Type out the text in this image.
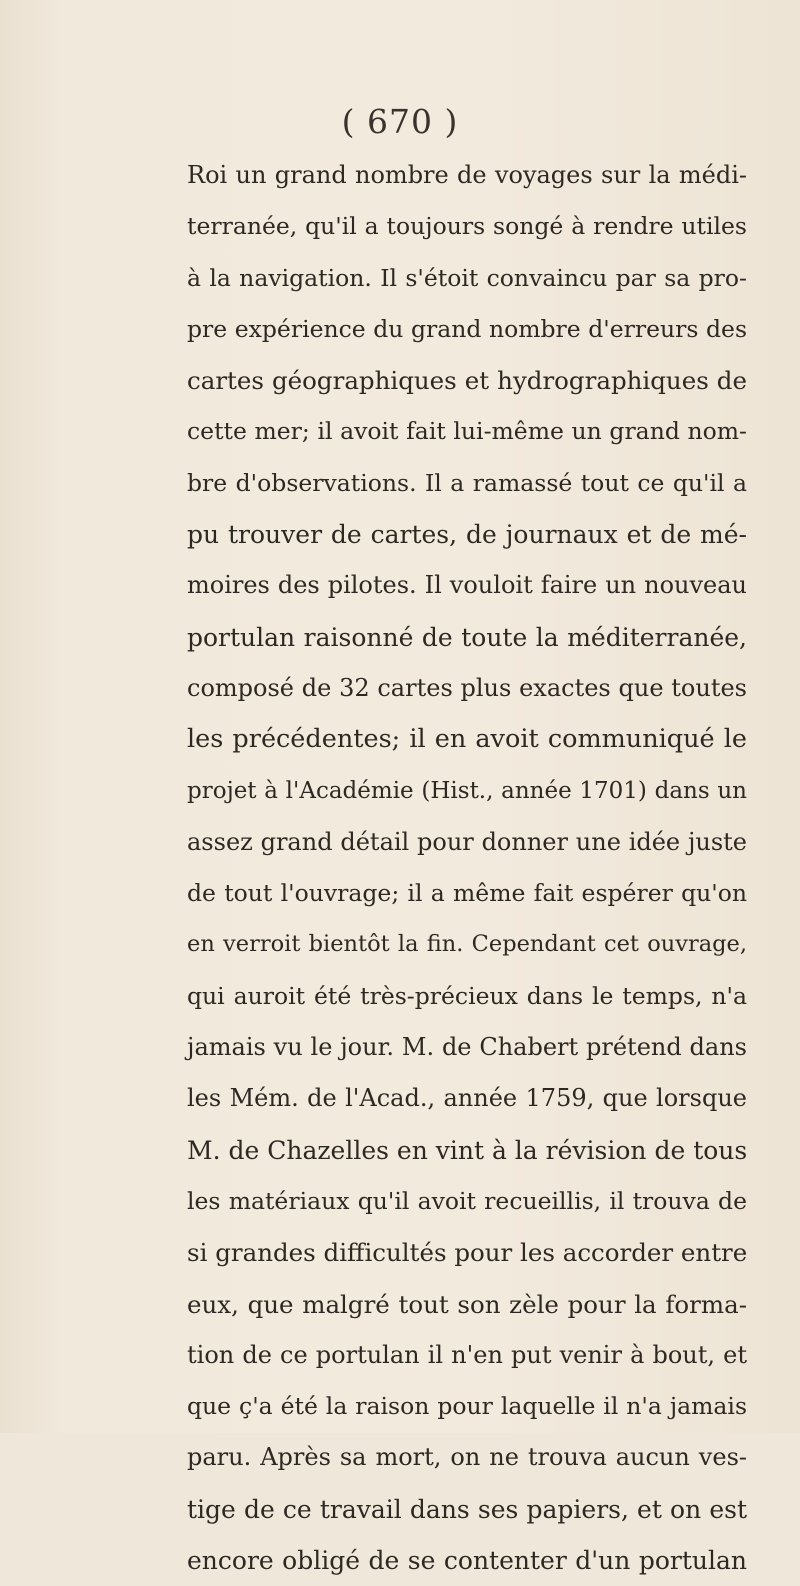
( 670 )
Roi un grand nombre de voyages sur la médi-
terranée, qu'il a toujours songé à rendre utiles
à la navigation. Il s'étoit convaincu par sa pro-
pre expérience du grand nombre d'erreurs des
cartes géographiques et hydrographiques de
cette mer; il avoit fait lui-même un grand nom-
bre d'observations. Il a ramassé tout ce qu'il a
pu trouver de cartes, de journaux et de mé-
moires des pilotes. Il vouloit faire un nouveau
portulan raisonné de toute la méditerranée,
composé de 32 cartes plus exactes que toutes
les précédentes; il en avoit communiqué le
projet à l'Académie (Hist., année 1701) dans un
assez grand détail pour donner une idée juste
de tout l'ouvrage; il a même fait espérer qu'on
en verroit bientôt la fin. Cependant cet ouvrage,
qui auroit été très-précieux dans le temps, n'a
jamais vu le jour. M. de Chabert prétend dans
les Mém. de l'Acad., année 1759, que lorsque
M. de Chazelles en vint à la révision de tous
les matériaux qu'il avoit recueillis, il trouva de
si grandes difficultés pour les accorder entre
eux, que malgré tout son zèle pour la forma-
tion de ce portulan il n'en put venir à bout, et
que ç'a été la raison pour laquelle il n'a jamais
paru. Après sa mort, on ne trouva aucun ves-
tige de ce travail dans ses papiers, et on est
encore obligé de se contenter d'un portulan
